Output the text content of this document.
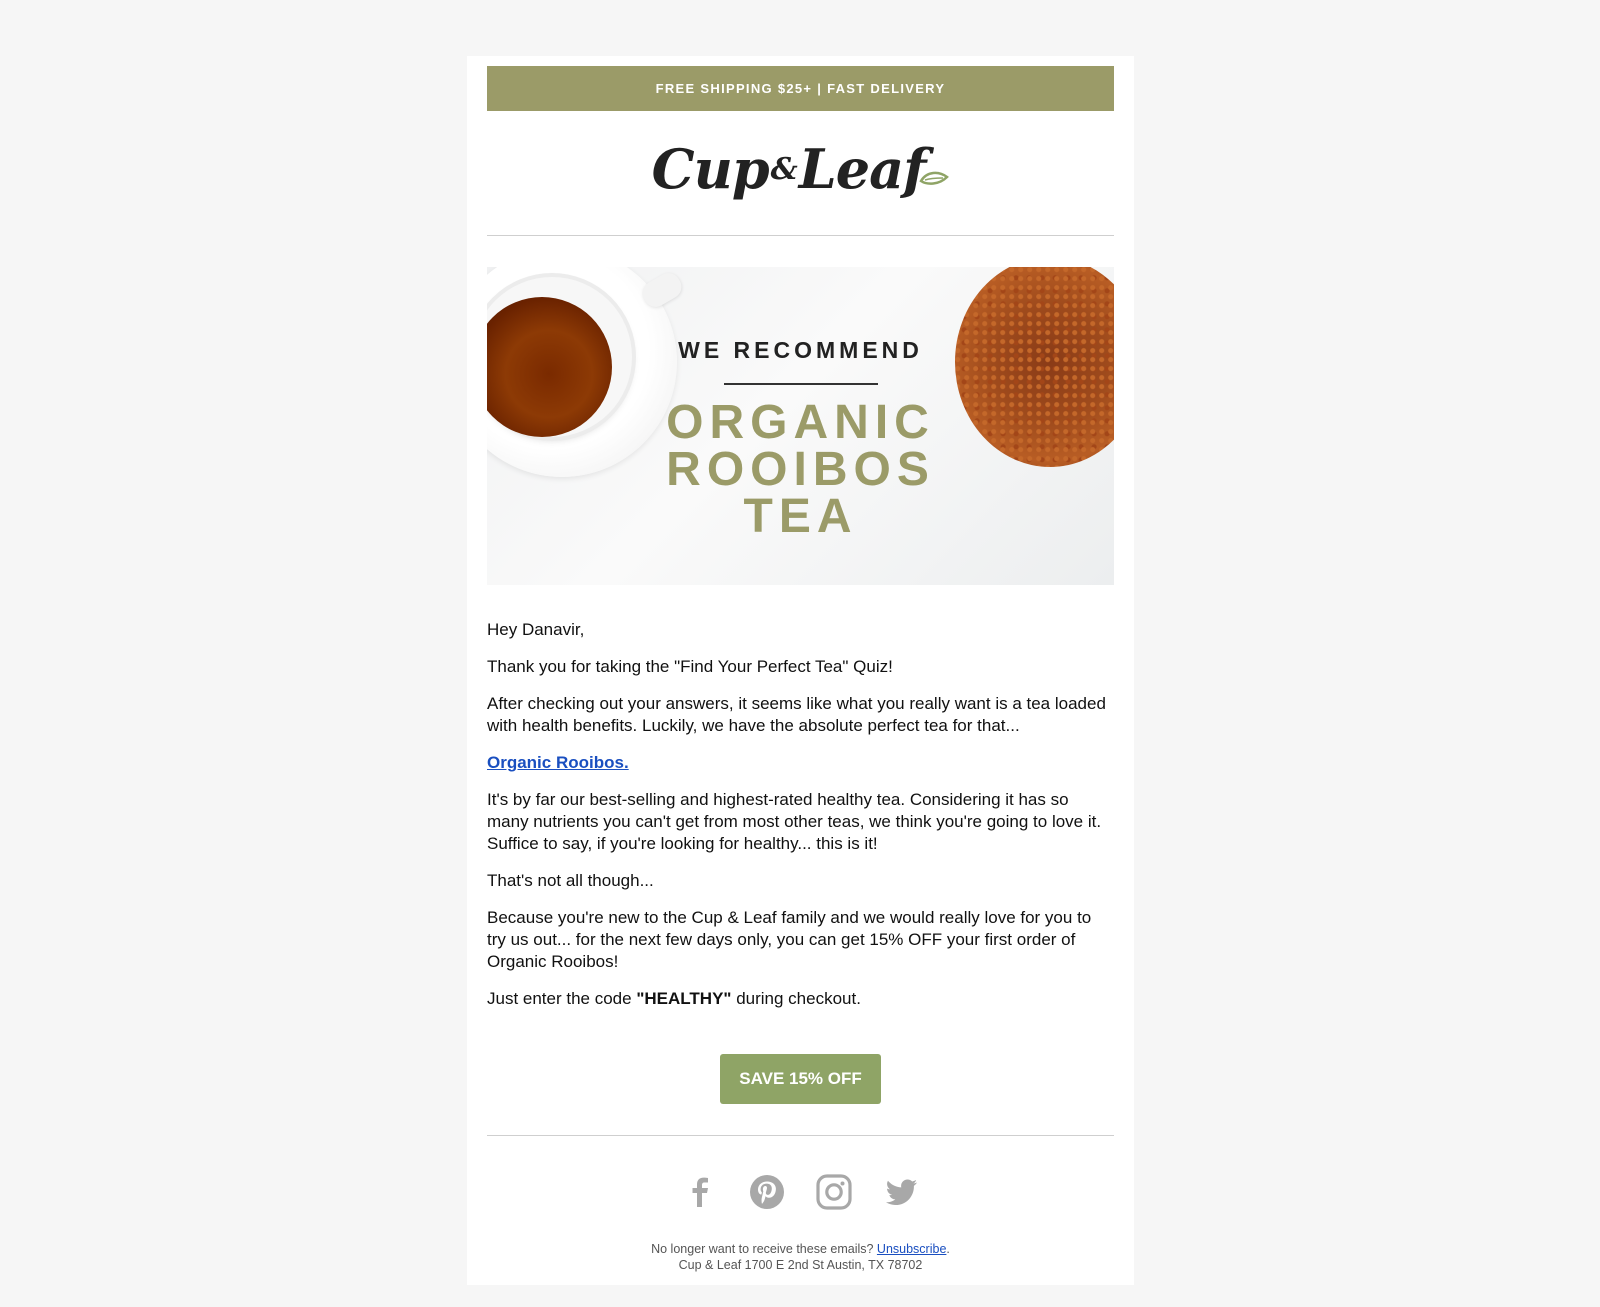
FREE SHIPPING $25+ | FAST DELIVERY
Cup & Leaf
WE RECOMMEND
ORGANIC
ROOIBOS
TEA

Hey Danavir,

Thank you for taking the "Find Your Perfect Tea" Quiz!

After checking out your answers, it seems like what you really want is a tea loaded with health benefits. Luckily, we have the absolute perfect tea for that...

Organic Rooibos.

It's by far our best-selling and highest-rated healthy tea. Considering it has so many nutrients you can't get from most other teas, we think you're going to love it. Suffice to say, if you're looking for healthy... this is it!

That's not all though...

Because you're new to the Cup & Leaf family and we would really love for you to try us out... for the next few days only, you can get 15% OFF your first order of Organic Rooibos!

Just enter the code "HEALTHY" during checkout.

SAVE 15% OFF
No longer want to receive these emails? Unsubscribe.
Cup & Leaf 1700 E 2nd St Austin, TX 78702
